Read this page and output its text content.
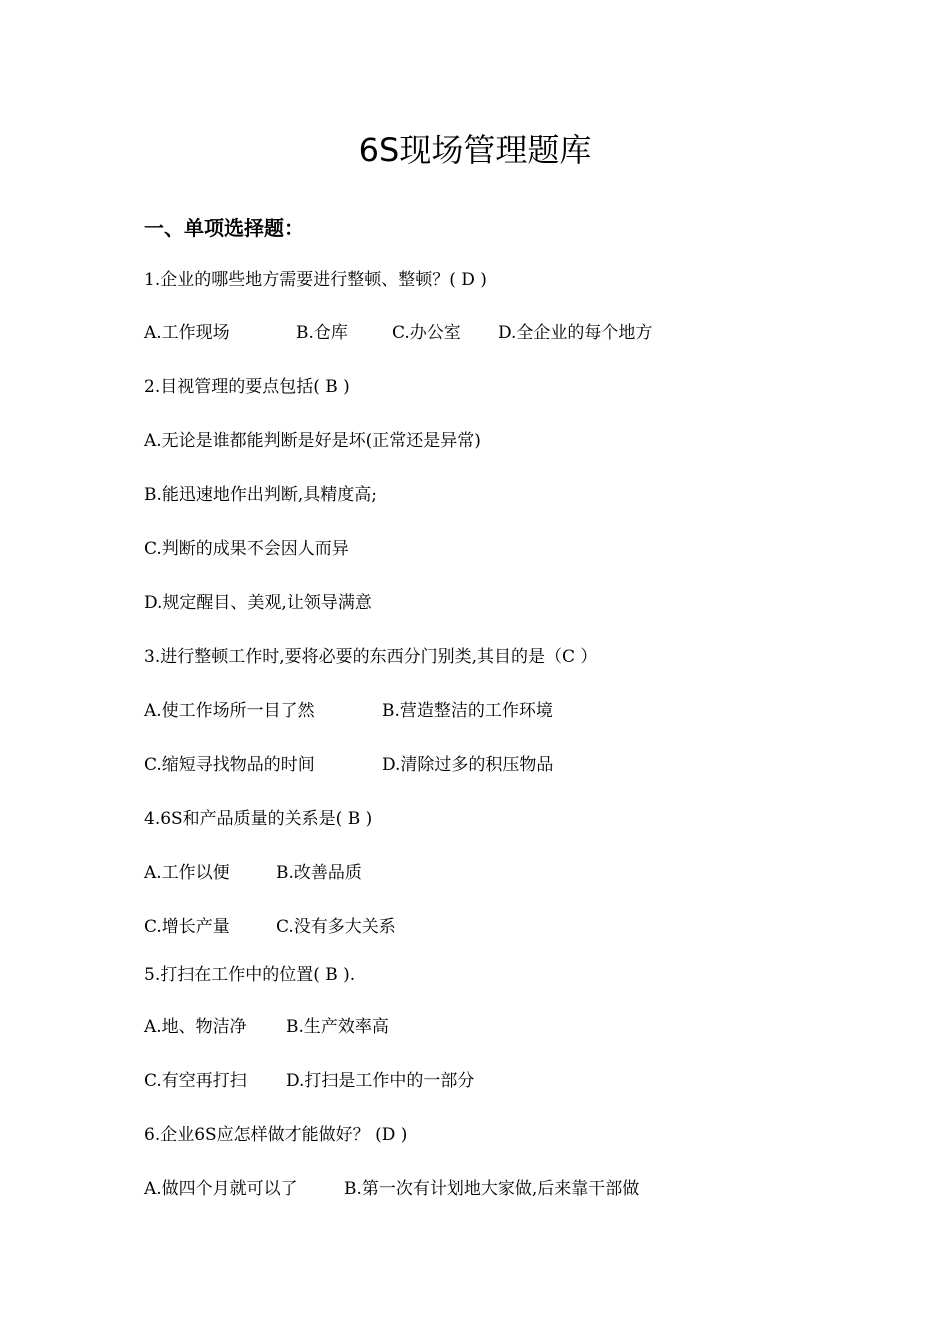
6S现场管理题库
一、单项选择题：
1.企业的哪些地方需要进行整顿、整顿？( D )
A.工作现场	B.仓库	C.办公室 D.全企业的每个地方
2.目视管理的要点包括( B )
A.无论是谁都能判断是好是坏(正常还是异常)
B.能迅速地作出判断,具精度高;
C.判断的成果不会因人而异
D.规定醒目、美观,让领导满意
3.进行整顿工作时,要将必要的东西分门别类,其目的是（C ）
A.使工作场所一目了然	B.营造整洁的工作环境
C.缩短寻找物品的时间	D.清除过多的积压物品
4.6S和产品质量的关系是( B )
A.工作以便	B.改善品质
C.增长产量	C.没有多大关系
5.打扫在工作中的位置( B ).
A.地、物洁净 B.生产效率高
C.有空再打扫 D.打扫是工作中的一部分
6.企业6S应怎样做才能做好？ (D )
A.做四个月就可以了	B.第一次有计划地大家做,后来靠干部做
